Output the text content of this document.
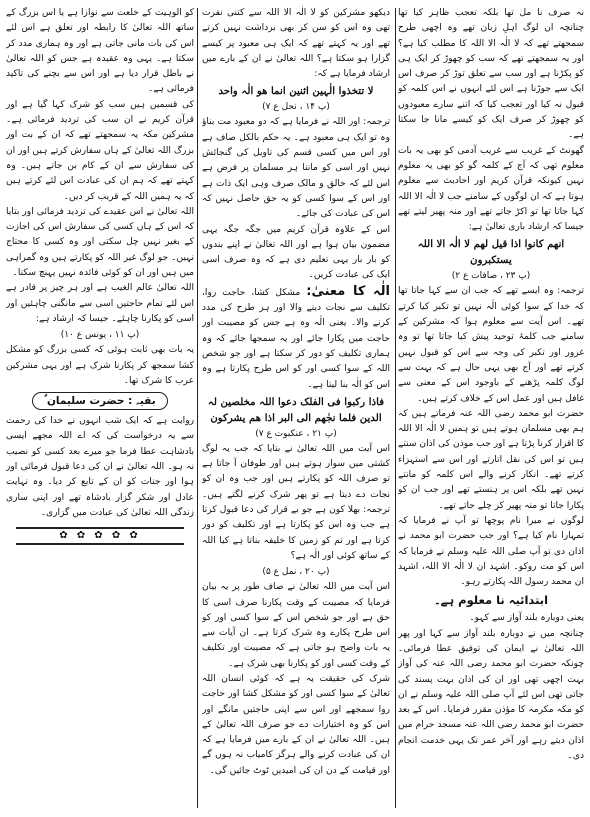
نہ صرف نا مل تھا بلکہ تعجب ظاہر کیا تھا چنانچہ ان لوگ اہلِ زبان تھے وہ اچھی طرح سمجھتے تھے کہ لا الٰہ الا اللہ کا مطلب کیا ہے؟ اور یہ سمجھتے تھے کہ سب کو چھوڑ کر ایک ہی کو پکڑنا ہے اور سب سے تعلق توڑ کر صرف اس ایک سے جوڑنا ہے اس لئے انہوں نے اس کلمہ کو قبول نہ کیا اور تعجب کیا کہ اتنے سارے معبودوں کو چھوڑ کر صرف ایک کو کیسے مانا جا سکتا ہے۔

گھونٹ کے غریب سے غریب آدمی کو بھی یہ بات معلوم تھی کہ آج کے کلمہ گو کو بھی یہ معلوم نہیں کیونکہ قرآن کریم اور احادیث سے معلوم ہوتا ہے کہ ان لوگوں کے سامنے جب لا الٰہ الا اللہ کہا جاتا تھا تو اکڑ جاتے تھے اور منہ پھیر لیتے تھے جیسا کہ ارشاد باری تعالیٰ ہے:

انھم کانوا اذا قیل لھم لا الٰہ الا اللہ یستکبرون

(پ ۲۳ ، صافات ع ۲)

ترجمہ: وہ ایسے تھے کہ جب ان سے کہا جاتا تھا کہ خدا کے سوا کوئی الٰہ نہیں تو تکبر کیا کرتے تھے۔ اس آیت سے معلوم ہوا کہ مشرکین کے سامنے جب کلمۂ توحید پیش کیا جاتا تھا تو وہ غرور اور تکبر کی وجہ سے اس کو قبول نہیں کرتے تھے اور آج بھی یہی حال ہے کہ بہت سے لوگ کلمہ پڑھنے کے باوجود اس کے معنی سے غافل ہیں اور عمل اس کے خلاف کرتے ہیں۔

حضرت ابو محمد رضی اللہ عنہ فرماتے ہیں کہ ہم بھی مسلمان ہوتے ہیں تو ہمیں لا الٰہ الا اللہ کا اقرار کرنا پڑتا ہے اور جب موذن کی اذان سنتے ہیں تو اس کی نقل اتارتے اور اس سے استہزاء کرتے تھے۔ انکار کرنے والے اس کلمہ کو مانتے نہیں تھے بلکہ اس پر ہنستے تھے اور جب ان کو پکارا جاتا تو منہ پھیر کر چلے جاتے تھے۔

لوگوں نے میرا نام پوچھا تو آپ نے فرمایا کہ تمہارا نام کیا ہے؟ اور جب حضرت ابو محمد نے اذان دی تو آپ صلی اللہ علیہ وسلم نے فرمایا کہ اس کو مت روکو۔ اشہد ان لا الٰہ الا اللہ، اشہد ان محمد رسول اللہ پکارتے رہو۔

ابتدائیہ نا معلوم ہے۔

یعنی دوبارہ بلند آواز سے کہو۔

چنانچہ میں نے دوبارہ بلند آواز سے کہا اور پھر اللہ تعالیٰ نے ایمان کی توفیق عطا فرمائی۔ چونکہ حضرت ابو محمد رضی اللہ عنہ کی آواز بہت اچھی تھی اور ان کی اذان بہت پسند کی جاتی تھی اس لئے آپ صلی اللہ علیہ وسلم نے ان کو مکہ مکرمہ کا مؤذن مقرر فرمایا۔ اس کے بعد حضرت ابو محمد رضی اللہ عنہ مسجد حرام میں اذان دیتے رہے اور آخر عمر تک یہی خدمت انجام دی۔

دیکھو مشرکین کو لا الٰہ الا اللہ سے کتنی نفرت تھی وہ اس کو سن کر بھی برداشت نہیں کرتے تھے اور یہ کہتے تھے کہ ایک ہی معبود پر کیسے گزارا ہو سکتا ہے؟ اللہ تعالیٰ نے ان کے بارے میں ارشاد فرمایا ہے کہ:

لا تتخذوا الٰہین اثنین انما ھو الٰہ واحد

(پ ۱۴ ، نحل ع ۷)

ترجمہ: اور اللہ نے فرمایا ہے کہ دو معبود مت بناؤ وہ تو ایک ہی معبود ہے۔ یہ حکم بالکل صاف ہے اور اس میں کسی قسم کی تاویل کی گنجائش نہیں اور اسی کو ماننا ہر مسلمان پر فرض ہے اس لئے کہ خالق و مالک صرف وہی ایک ذات ہے اور اس کے سوا کسی کو یہ حق حاصل نہیں کہ اس کی عبادت کی جائے۔

اس کے علاوہ قرآن کریم میں جگہ جگہ یہی مضمون بیان ہوا ہے اور اللہ تعالیٰ نے اپنے بندوں کو بار بار یہی تعلیم دی ہے کہ وہ صرف اسی ایک کی عبادت کریں۔

الٰہ کا معنیٰ: مشکل کشا، حاجت روا، تکلیف سے نجات دینے والا اور ہر طرح کی مدد کرنے والا۔ یعنی الٰہ وہ ہے جس کو مصیبت اور حاجت میں پکارا جائے اور یہ سمجھا جائے کہ وہ ہماری تکلیف کو دور کر سکتا ہے اور جو شخص اللہ کے سوا کسی اور کو اس طرح پکارتا ہے وہ اس کو الٰہ بنا لیتا ہے۔

فاذا رکبوا فی الفلک دعوا اللہ مخلصین لہ الدین فلما نجٰھم الی البر اذا ھم یشرکون

(پ ۲۱ ، عنکبوت ع ۷)

اس آیت میں اللہ تعالیٰ نے بتایا کہ جب یہ لوگ کشتی میں سوار ہوتے ہیں اور طوفان آ جاتا ہے تو صرف اللہ کو پکارتے ہیں اور جب وہ ان کو نجات دے دیتا ہے تو پھر شرک کرنے لگتے ہیں۔ ترجمہ: بھلا کون ہے جو بے قرار کی دعا قبول کرتا ہے جب وہ اس کو پکارتا ہے اور تکلیف کو دور کرتا ہے اور تم کو زمین کا خلیفہ بناتا ہے کیا اللہ کے ساتھ کوئی اور الٰہ ہے؟

(پ ۲۰ ، نمل ع ۵)

اس آیت میں اللہ تعالیٰ نے صاف طور پر یہ بیان فرمایا کہ مصیبت کے وقت پکارنا صرف اسی کا حق ہے اور جو شخص اس کے سوا کسی اور کو اس طرح پکارے وہ شرک کرتا ہے۔ ان آیات سے یہ بات واضح ہو جاتی ہے کہ مصیبت اور تکلیف کے وقت کسی اور کو پکارنا بھی شرک ہے۔

شرک کی حقیقت یہ ہے کہ کوئی انسان اللہ تعالیٰ کے سوا کسی اور کو مشکل کشا اور حاجت روا سمجھے اور اس سے اپنی حاجتیں مانگے اور اس کو وہ اختیارات دے جو صرف اللہ تعالیٰ کے ہیں۔ اللہ تعالیٰ نے ان کے بارے میں فرمایا ہے کہ ان کی عبادت کرنے والے ہرگز کامیاب نہ ہوں گے اور قیامت کے دن ان کی امیدیں ٹوٹ جائیں گی۔

کو الوہیت کے خلعت سے نوازا ہے یا اس بزرگ کے ساتھ اللہ تعالیٰ کا رابطہ اور تعلق ہے اس لئے اس کی بات مانی جاتی ہے اور وہ ہماری مدد کر سکتا ہے۔ یہی وہ عقیدہ ہے جس کو اللہ تعالیٰ نے باطل قرار دیا ہے اور اس سے بچنے کی تاکید فرمائی ہے۔

کی قسمیں ہیں سب کو شرک کہا گیا ہے اور قرآن کریم نے ان سب کی تردید فرمائی ہے۔ مشرکین مکہ یہ سمجھتے تھے کہ ان کے بت اور بزرگ اللہ تعالیٰ کے ہاں سفارش کرتے ہیں اور ان کی سفارش سے ان کے کام بن جاتے ہیں۔ وہ کہتے تھے کہ ہم ان کی عبادت اس لئے کرتے ہیں کہ یہ ہمیں اللہ کے قریب کر دیں۔

اللہ تعالیٰ نے اس عقیدے کی تردید فرمائی اور بتایا کہ اس کے ہاں کسی کی سفارش اس کی اجازت کے بغیر نہیں چل سکتی اور وہ کسی کا محتاج نہیں۔ جو لوگ غیر اللہ کو پکارتے ہیں وہ گمراہی میں ہیں اور ان کو کوئی فائدہ نہیں پہنچ سکتا۔

اللہ تعالیٰ عالم الغیب ہے اور ہر چیز پر قادر ہے اس لئے تمام حاجتیں اسی سے مانگنی چاہئیں اور اسی کو پکارنا چاہئے۔ جیسا کہ ارشاد ہے:

(پ ۱۱ ، یونس ع ۱۰)

یہ بات بھی ثابت ہوئی کہ کسی بزرگ کو مشکل کشا سمجھ کر پکارنا شرک ہے اور یہی مشرکین عرب کا شرک تھا۔

بقیہ : حضرت سلیمان ؑ

روایت ہے کہ ایک شب انہوں نے خدا کی رحمت سے یہ درخواست کی کہ اے اللہ مجھے ایسی بادشاہت عطا فرما جو میرے بعد کسی کو نصیب نہ ہو۔ اللہ تعالیٰ نے ان کی دعا قبول فرمائی اور ہوا اور جنات کو ان کے تابع کر دیا۔ وہ نہایت عادل اور شکر گزار بادشاہ تھے اور اپنی ساری زندگی اللہ تعالیٰ کی عبادت میں گزاری۔

✿ ✿ ✿ ✿ ✿
